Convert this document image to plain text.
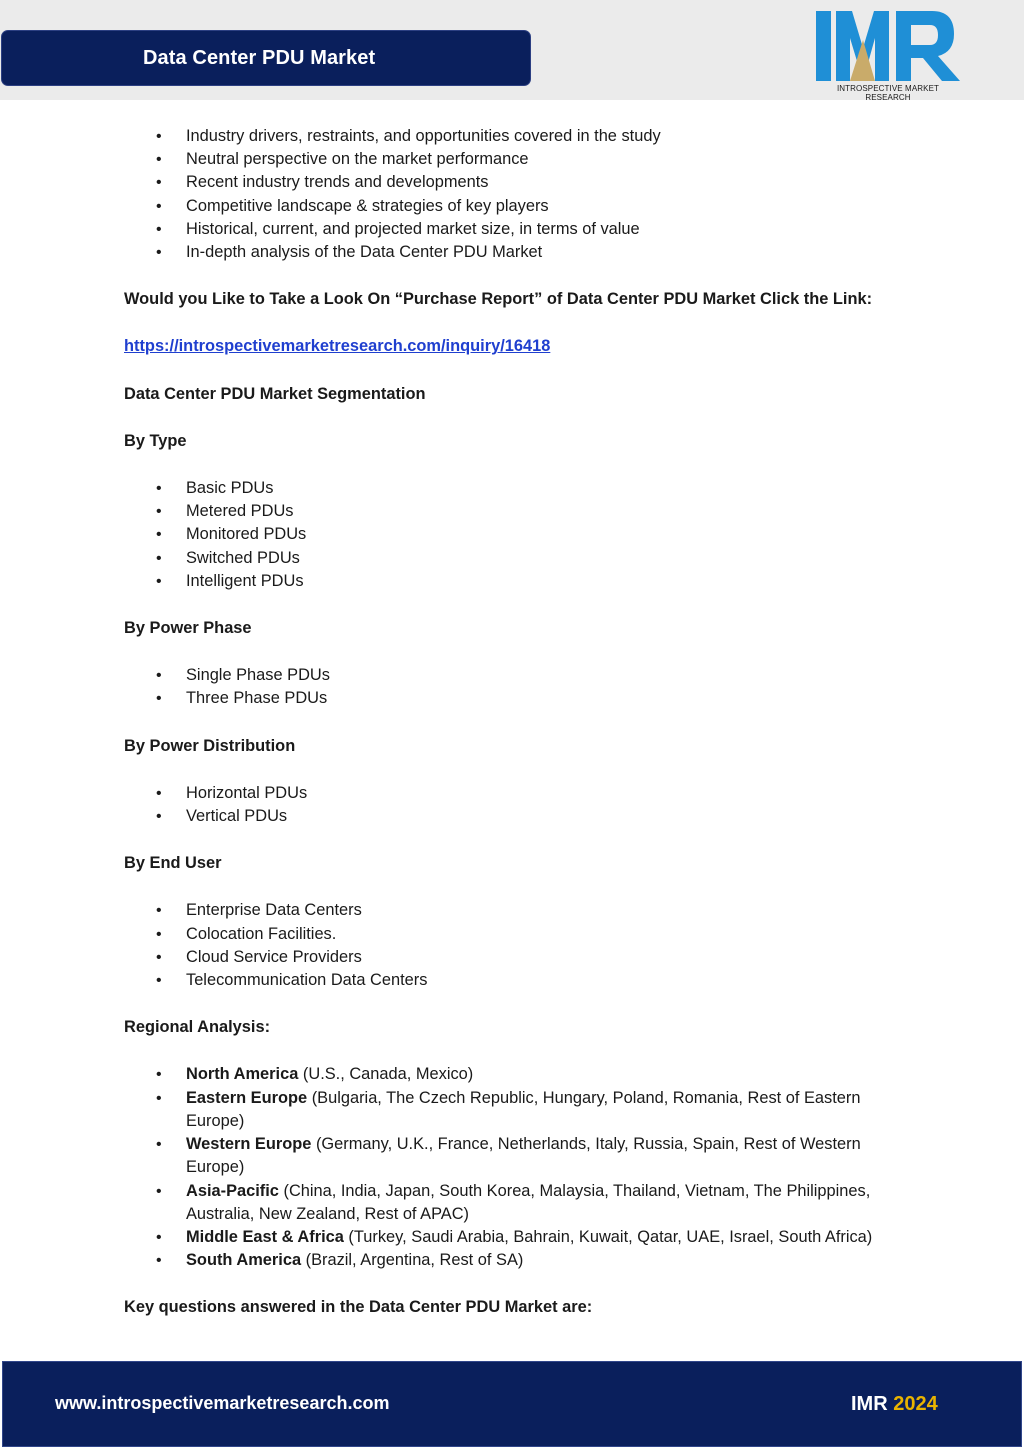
Data Center PDU Market
INTROSPECTIVE MARKET RESEARCH
• Industry drivers, restraints, and opportunities covered in the study
• Neutral perspective on the market performance
• Recent industry trends and developments
• Competitive landscape & strategies of key players
• Historical, current, and projected market size, in terms of value
• In-depth analysis of the Data Center PDU Market

Would you Like to Take a Look On “Purchase Report” of Data Center PDU Market Click the Link:

https://introspectivemarketresearch.com/inquiry/16418

Data Center PDU Market Segmentation

By Type

• Basic PDUs
• Metered PDUs
• Monitored PDUs
• Switched PDUs
• Intelligent PDUs

By Power Phase

• Single Phase PDUs
• Three Phase PDUs

By Power Distribution

• Horizontal PDUs
• Vertical PDUs

By End User

• Enterprise Data Centers
• Colocation Facilities.
• Cloud Service Providers
• Telecommunication Data Centers

Regional Analysis:

• North America (U.S., Canada, Mexico)
• Eastern Europe (Bulgaria, The Czech Republic, Hungary, Poland, Romania, Rest of Eastern Europe)
• Western Europe (Germany, U.K., France, Netherlands, Italy, Russia, Spain, Rest of Western Europe)
• Asia-Pacific (China, India, Japan, South Korea, Malaysia, Thailand, Vietnam, The Philippines, Australia, New Zealand, Rest of APAC)
• Middle East & Africa (Turkey, Saudi Arabia, Bahrain, Kuwait, Qatar, UAE, Israel, South Africa)
• South America (Brazil, Argentina, Rest of SA)

Key questions answered in the Data Center PDU Market are:

www.introspectivemarketresearch.com	IMR 2024
